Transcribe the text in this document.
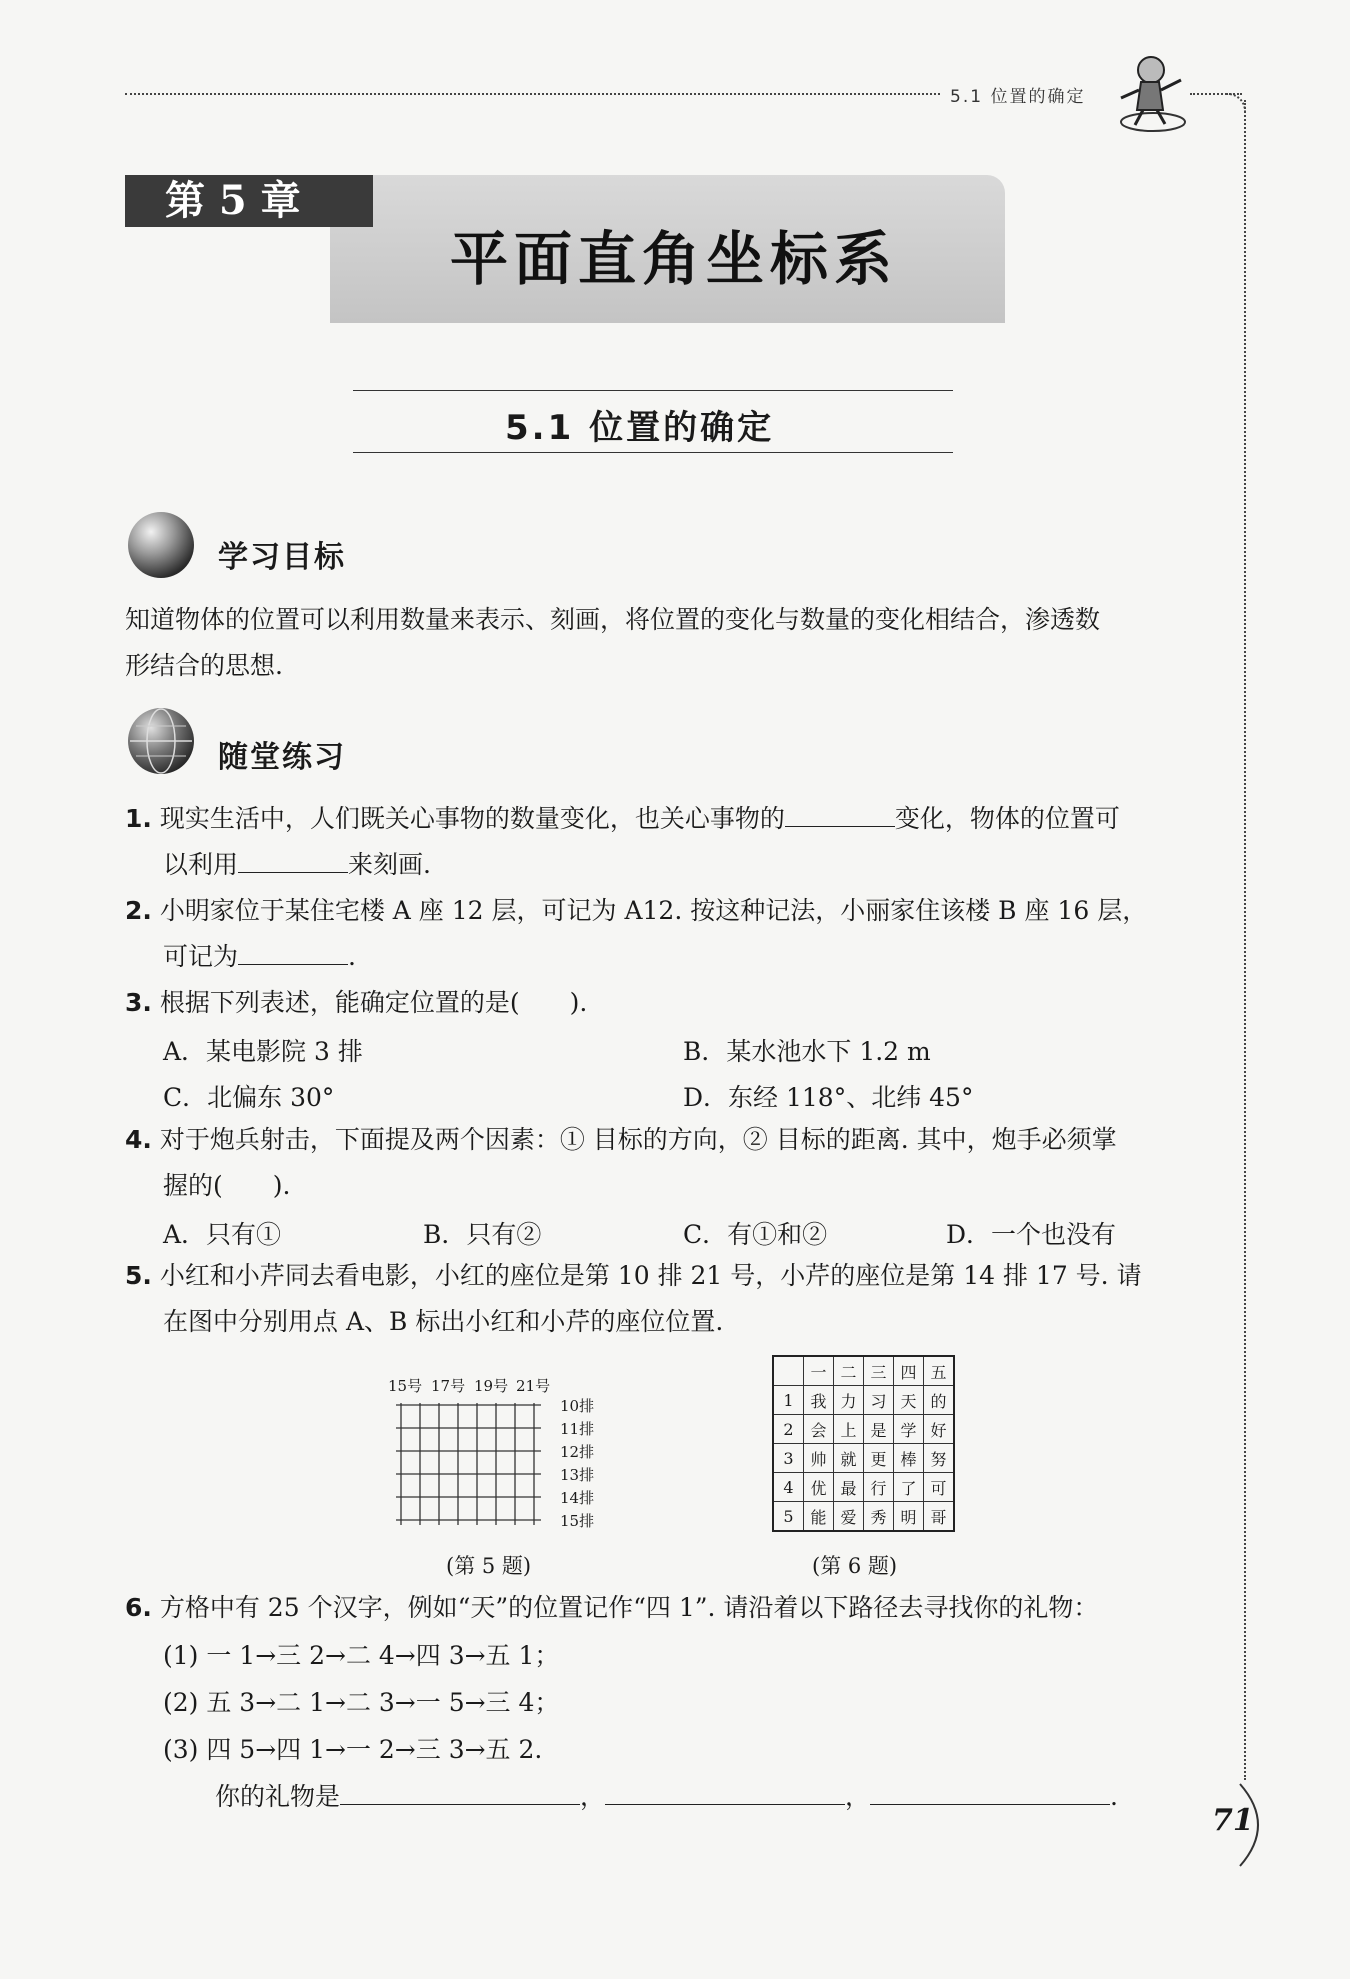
5.1 位置的确定
第 5 章
平面直角坐标系
5.1 位置的确定
学习目标
知道物体的位置可以利用数量来表示、刻画，将位置的变化与数量的变化相结合，渗透数
形结合的思想.
随堂练习
1. 现实生活中，人们既关心事物的数量变化，也关心事物的	变化，物体的位置可
以利用	来刻画.
2. 小明家位于某住宅楼 A 座 12 层，可记为 A12. 按这种记法，小丽家住该楼 B 座 16 层，
可记为	.
3. 根据下列表述，能确定位置的是(　　).
A．某电影院 3 排	B．某水池水下 1.2 m
C．北偏东 30°	D．东经 118°、北纬 45°
4. 对于炮兵射击，下面提及两个因素：① 目标的方向，② 目标的距离. 其中，炮手必须掌
握的(　　).
A．只有①	B．只有②	C．有①和②	D．一个也没有
5. 小红和小芹同去看电影，小红的座位是第 10 排 21 号，小芹的座位是第 14 排 17 号. 请
在图中分别用点 A、B 标出小红和小芹的座位位置.
15号 17号 19号 21号
10排
11排
12排
13排
14排
15排
(第 5 题)
	一	二	三	四	五
1	我	力	习	天	的
2	会	上	是	学	好
3	帅	就	更	棒	努
4	优	最	行	了	可
5	能	爱	秀	明	哥
(第 6 题)
6. 方格中有 25 个汉字，例如“天”的位置记作“四 1”. 请沿着以下路径去寻找你的礼物：
(1) 一 1→三 2→二 4→四 3→五 1；
(2) 五 3→二 1→二 3→一 5→三 4；
(3) 四 5→四 1→一 2→三 3→五 2.
你的礼物是	，	，	.
71
